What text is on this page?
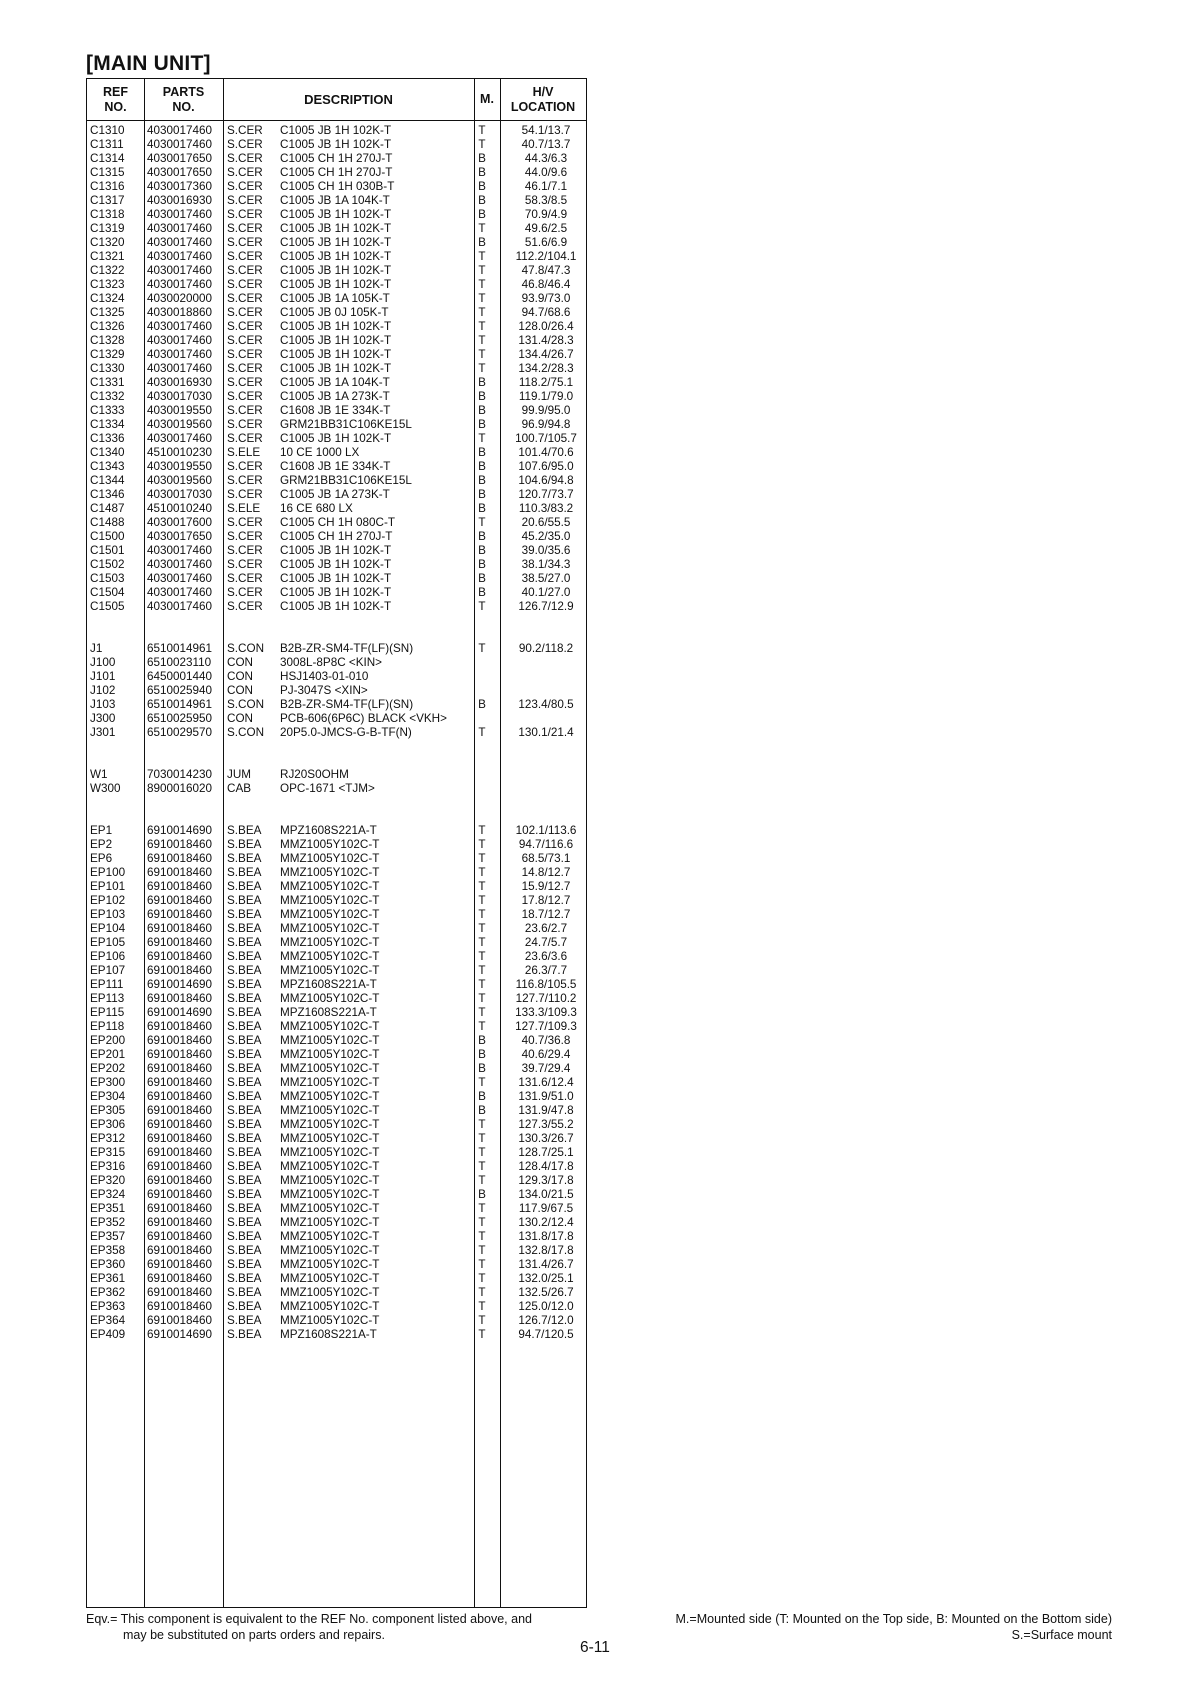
[MAIN UNIT]
REF
NO.
PARTS
NO.	DESCRIPTION	M.
H/V
LOCATION
C1310 4030017460 S.CER C1005 JB 1H 102K-T	T	54.1/13.7
C1311 4030017460 S.CER C1005 JB 1H 102K-T	T	40.7/13.7
C1314 4030017650 S.CER C1005 CH 1H 270J-T	B	44.3/6.3
C1315 4030017650 S.CER C1005 CH 1H 270J-T	B	44.0/9.6
C1316 4030017360 S.CER C1005 CH 1H 030B-T	B	46.1/7.1
C1317 4030016930 S.CER C1005 JB 1A 104K-T	B	58.3/8.5
C1318 4030017460 S.CER C1005 JB 1H 102K-T	B	70.9/4.9
C1319 4030017460 S.CER C1005 JB 1H 102K-T	T	49.6/2.5
C1320 4030017460 S.CER C1005 JB 1H 102K-T	B	51.6/6.9
C1321 4030017460 S.CER C1005 JB 1H 102K-T	T	112.2/104.1
C1322 4030017460 S.CER C1005 JB 1H 102K-T	T	47.8/47.3
C1323 4030017460 S.CER C1005 JB 1H 102K-T	T	46.8/46.4
C1324 4030020000 S.CER C1005 JB 1A 105K-T	T	93.9/73.0
C1325 4030018860 S.CER C1005 JB 0J 105K-T	T	94.7/68.6
C1326 4030017460 S.CER C1005 JB 1H 102K-T	T	128.0/26.4
C1328 4030017460 S.CER C1005 JB 1H 102K-T	T	131.4/28.3
C1329 4030017460 S.CER C1005 JB 1H 102K-T	T	134.4/26.7
C1330 4030017460 S.CER C1005 JB 1H 102K-T	T	134.2/28.3
C1331 4030016930 S.CER C1005 JB 1A 104K-T	B	118.2/75.1
C1332 4030017030 S.CER C1005 JB 1A 273K-T	B	119.1/79.0
C1333 4030019550 S.CER C1608 JB 1E 334K-T	B	99.9/95.0
C1334 4030019560 S.CER GRM21BB31C106KE15L	B	96.9/94.8
C1336 4030017460 S.CER C1005 JB 1H 102K-T	T	100.7/105.7
C1340 4510010230 S.ELE 10 CE 1000 LX	B	101.4/70.6
C1343 4030019550 S.CER C1608 JB 1E 334K-T	B	107.6/95.0
C1344 4030019560 S.CER GRM21BB31C106KE15L	B	104.6/94.8
C1346 4030017030 S.CER C1005 JB 1A 273K-T	B	120.7/73.7
C1487 4510010240 S.ELE 16 CE 680 LX	B	110.3/83.2
C1488 4030017600 S.CER C1005 CH 1H 080C-T	T	20.6/55.5
C1500 4030017650 S.CER C1005 CH 1H 270J-T	B	45.2/35.0
C1501 4030017460 S.CER C1005 JB 1H 102K-T	B	39.0/35.6
C1502 4030017460 S.CER C1005 JB 1H 102K-T	B	38.1/34.3
C1503 4030017460 S.CER C1005 JB 1H 102K-T	B	38.5/27.0
C1504 4030017460 S.CER C1005 JB 1H 102K-T	B	40.1/27.0
C1505 4030017460 S.CER C1005 JB 1H 102K-T	T	126.7/12.9
J1	6510014961 S.CON B2B-ZR-SM4-TF(LF)(SN)	T	90.2/118.2
J100	6510023110 CON 3008L-8P8C <KIN>
J101	6450001440 CON HSJ1403-01-010
J102	6510025940 CON PJ-3047S <XIN>
J103	6510014961 S.CON B2B-ZR-SM4-TF(LF)(SN)	B	123.4/80.5
J300	6510025950 CON PCB-606(6P6C) BLACK <VKH>
J301	6510029570 S.CON 20P5.0-JMCS-G-B-TF(N)	T	130.1/21.4
W1	7030014230 JUM RJ20S0OHM
W300 8900016020 CAB OPC-1671 <TJM>
EP1	6910014690 S.BEA MPZ1608S221A-T	T	102.1/113.6
EP2	6910018460 S.BEA MMZ1005Y102C-T	T	94.7/116.6
EP6	6910018460 S.BEA MMZ1005Y102C-T	T	68.5/73.1
EP100 6910018460 S.BEA MMZ1005Y102C-T	T	14.8/12.7
EP101 6910018460 S.BEA MMZ1005Y102C-T	T	15.9/12.7
EP102 6910018460 S.BEA MMZ1005Y102C-T	T	17.8/12.7
EP103 6910018460 S.BEA MMZ1005Y102C-T	T	18.7/12.7
EP104 6910018460 S.BEA MMZ1005Y102C-T	T	23.6/2.7
EP105 6910018460 S.BEA MMZ1005Y102C-T	T	24.7/5.7
EP106 6910018460 S.BEA MMZ1005Y102C-T	T	23.6/3.6
EP107 6910018460 S.BEA MMZ1005Y102C-T	T	26.3/7.7
EP111 6910014690 S.BEA MPZ1608S221A-T	T	116.8/105.5
EP113 6910018460 S.BEA MMZ1005Y102C-T	T	127.7/110.2
EP115 6910014690 S.BEA MPZ1608S221A-T	T	133.3/109.3
EP118 6910018460 S.BEA MMZ1005Y102C-T	T	127.7/109.3
EP200 6910018460 S.BEA MMZ1005Y102C-T	B	40.7/36.8
EP201 6910018460 S.BEA MMZ1005Y102C-T	B	40.6/29.4
EP202 6910018460 S.BEA MMZ1005Y102C-T	B	39.7/29.4
EP300 6910018460 S.BEA MMZ1005Y102C-T	T	131.6/12.4
EP304 6910018460 S.BEA MMZ1005Y102C-T	B	131.9/51.0
EP305 6910018460 S.BEA MMZ1005Y102C-T	B	131.9/47.8
EP306 6910018460 S.BEA MMZ1005Y102C-T	T	127.3/55.2
EP312 6910018460 S.BEA MMZ1005Y102C-T	T	130.3/26.7
EP315 6910018460 S.BEA MMZ1005Y102C-T	T	128.7/25.1
EP316 6910018460 S.BEA MMZ1005Y102C-T	T	128.4/17.8
EP320 6910018460 S.BEA MMZ1005Y102C-T	T	129.3/17.8
EP324 6910018460 S.BEA MMZ1005Y102C-T	B	134.0/21.5
EP351 6910018460 S.BEA MMZ1005Y102C-T	T	117.9/67.5
EP352 6910018460 S.BEA MMZ1005Y102C-T	T	130.2/12.4
EP357 6910018460 S.BEA MMZ1005Y102C-T	T	131.8/17.8
EP358 6910018460 S.BEA MMZ1005Y102C-T	T	132.8/17.8
EP360 6910018460 S.BEA MMZ1005Y102C-T	T	131.4/26.7
EP361 6910018460 S.BEA MMZ1005Y102C-T	T	132.0/25.1
EP362 6910018460 S.BEA MMZ1005Y102C-T	T	132.5/26.7
EP363 6910018460 S.BEA MMZ1005Y102C-T	T	125.0/12.0
EP364 6910018460 S.BEA MMZ1005Y102C-T	T	126.7/12.0
EP409 6910014690 S.BEA MPZ1608S221A-T	T	94.7/120.5
Eqv.= This component is equivalent to the REF No. component listed above, and
may be substituted on parts orders and repairs.
M.=Mounted side (T: Mounted on the Top side, B: Mounted on the Bottom side)
S.=Surface mount
6-11
